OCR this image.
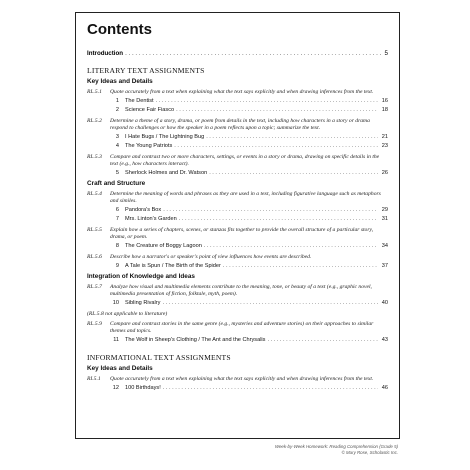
Contents
Introduction . . .	5
LITERARY TEXT ASSIGNMENTS
Key Ideas and Details
RL.5.1	Quote accurately from a text when explaining what the text says explicitly and when drawing inferences from the text.
1 The Dentist . . .	16
2 Science Fair Fiasco . . .	18
RL.5.2	Determine a theme of a story, drama, or poem from details in the text, including how characters in a story or drama respond to challenges or how the speaker in a poem reflects upon a topic; summarize the text.
3 I Hate Bugs / The Lightning Bug . . .	21
4 The Young Patriots . . .	23
RL.5.3	Compare and contrast two or more characters, settings, or events in a story or drama, drawing on specific details in the text (e.g., how characters interact).
5 Sherlock Holmes and Dr. Watson . . .	26
Craft and Structure
RL.5.4	Determine the meaning of words and phrases as they are used in a text, including figurative language such as metaphors and similes.
6 Pandora's Box . . .	29
7 Mrs. Linton's Garden . . .	31
RL.5.5	Explain how a series of chapters, scenes, or stanzas fits together to provide the overall structure of a particular story, drama, or poem.
8 The Creature of Boggy Lagoon . . .	34
RL.5.6	Describe how a narrator's or speaker's point of view influences how events are described.
9 A Tale is Spun / The Birth of the Spider . . .	37
Integration of Knowledge and Ideas
RL.5.7	Analyze how visual and multimedia elements contribute to the meaning, tone, or beauty of a text (e.g., graphic novel, multimedia presentation of fiction, folktale, myth, poem).
10 Sibling Rivalry . . .	40
(RL.5.8 not applicable to literature)
RL.5.9	Compare and contrast stories in the same genre (e.g., mysteries and adventure stories) on their approaches to similar themes and topics.
11 The Wolf in Sheep's Clothing / The Ant and the Chrysalis . . .	43
INFORMATIONAL TEXT ASSIGNMENTS
Key Ideas and Details
RI.5.1	Quote accurately from a text when explaining what the text says explicitly and when drawing inferences from the text.
12 100 Birthdays! . . .	46
Week-by-Week Homework: Reading Comprehension (Grade 5)
© Mary Rose, Scholastic Inc.
